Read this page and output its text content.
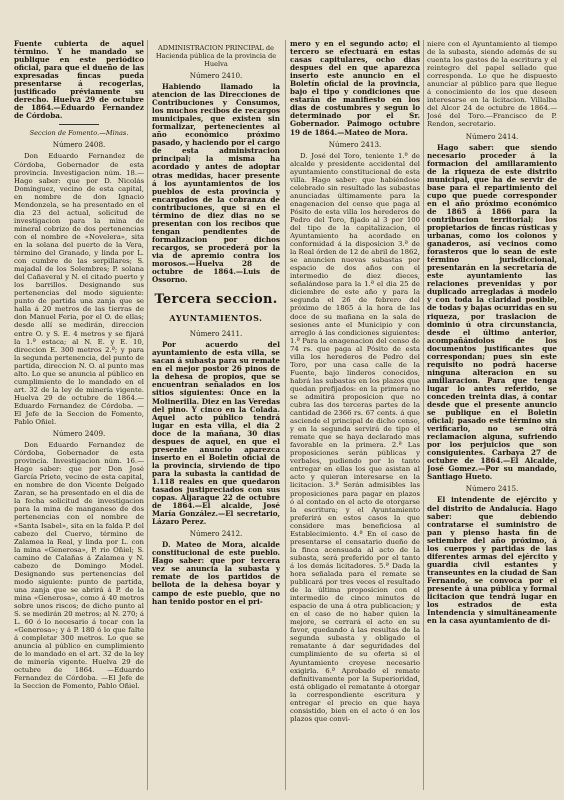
Fuente cubierta de aquel término. Y he mandado se publique en este periódico oficial, para que el dueño de las expresadas fincas pueda presentarse á recogerlas, justificado préviamente su derecho. Huelva 29 de octubre de 1864.—Eduardo Fernandez de Córdoba.

Seccion de Fomento.—Minas.

Número 2408.

Don Eduardo Fernandez de Córdoba, Gobernador de esta provincia. Investigacion núm. 18.—Hago saber: que por D. Nicolás Dominguez, vecino de esta capital, en nombre de don Ignacio Mendonzela, se ha presentado en el dia 23 del actual, solicitud de investigacion para la mina de mineral cobrizo de dos pertenencias con el nombre de «Novelera», sita en la solana del puerto de la Vera, término del Granado, y linda por L. con cumbre de las serpillares; S. majadal de los Solembres; P. solana del Cañaveral y N. el citado puerto y los barrillos. Designando sus pertenencias del modo siguiente: punto de partida una zanja que se halla á 20 metros de las tierras de don Manuel Feria, por el O. de ellas; desde allí se medirán, direccion entre O. y S. E. 4 metros y se fijará la 1.ª estaca; al N. E. y E. 10, direccion E. 300 metros 2.ª; y para la segunda pertenencia, del punto de partida, direccion N. O. al punto mas alto. Lo que se anuncia al público en cumplimiento de lo mandado en el art. 32 de la ley de minería vigente. Huelva 29 de octubre de 1864.—Eduardo Fernandez de Córdoba. —El Jefe de la Seccion de Fomento, Pablo Oñiel.

Número 2409.

Don Eduardo Fernandez de Córdoba, Gobernador de esta provincia. Investigacion núm. 16.—Hago saber: que por Don José García Prieto, vecino de esta capital, en nombre de don Vicente Delgado Zaran, se ha presentado en el dia de la fecha solicitud de investigacion para la mina de manganeso de dos pertenencias con el nombre de «Santa Isabel», sita en la falda P. del cabezo del Cuervo, término de Zalamea la Real, y linda por L. con la mina «Generosa», P. rio Oñiel; S. camino de Calañas á Zalamea y N. cabezo de Domingo Model. Designando sus pertenencias del modo siguiente: punto de partida, una zanja que se abrirá á P. de la mina «Generosa», como á 40 metros sobre unos riscos; de dicho punto al S. se medirán 20 metros; al N. 270; á L. 60 ó lo necesario á tocar con la «Generosa»; y á P. 180 ó lo que falte á completar 300 metros. Lo que se anuncia al público en cumplimiento de lo mandado en el art. 32 de la ley de minería vigente. Huelva 29 de octubre de 1864. —Eduardo Fernandez de Córdoba. —El Jefe de la Seccion de Fomento, Pablo Oñiel.

ADMINISTRACION PRINCIPAL de Hacienda pública de la provincia de Huelva

Número 2410.

Habiendo llamado la atencion de las Direcciones de Contribuciones y Consumos, los muchos recibos de recargos municipales, que existen sin formalizar, pertenecientes al año económico próximo pasado, y haciendo por el cargo de esta administracion principal; la misma ha acordado y antes de adoptar otras medidas, hacer presente á los ayuntamientos de los pueblos de esta provincia y encargados de la cobranza de contribuciones, que si en el término de diez dias no se presentan con los recibos que tengan pendientes de formalizacion por dichos recargos, se procederá por la via de apremio contra los morosos.—Huelva 28 de octubre de 1864.—Luis de Ossorno.

Tercera seccion.

AYUNTAMIENTOS.

Número 2411.

Por acuerdo del ayuntamiento de esta villa, se sacan á subasta para su remate en el mejor postor 26 pinos de la dehesa de propios, que se encuentran señalados en los sitios siguientes: Once en la Molinerilla. Diez en las Veredas del pino. Y cinco en la Colada. Aquel acto público tendrá lugar en esta villa, el dia 2 doce de la mañana, 30 dias despues de aquel, en que el presente anuncio aparezca inserto en el Boletin oficial de la provincia, sirviendo de tipo para la subasta la cantidad de 1.118 reales en que quedaron tasados justipreciados con sus copas. Aljaraque 22 de octubre de 1864.—El alcalde, José María González.—El secretario, Lázaro Perez.

Número 2412.

D. Mateo de Mora, alcalde constitucional de este pueblo. Hago saber: que por tercera vez se anuncia la subasta y remate de los partidos de bellota de la dehesa boyar y campo de este pueblo, que no han tenido postor en el pri-

mero y en el segundo acto; el tercero se efectuará en estas casas capitulares, ocho dias despues del en que aparezca inserto este anuncio en el Boletín oficial de la provincia, bajo el tipo y condiciones que estarán de manifiesto en los dias de costumbres y segun lo determinado por el Sr. Gobernador. Paimogo octubre 19 de 1864.—Mateo de Mora.

Número 2413.

D. José del Toro, teniente 1.º de alcalde y presidente accidental del ayuntamiento constitucional de esta villa. Hago saber: que habiéndose celebrado sin resultado las subastas anunciadas últimamente para la enagenacion del censo que paga al Pósito de esta villa los herederos de Pedro del Toro, fijado al 3 por 100 del tipo de la capitalizacion, el Ayuntamiento ha acordado en conformidad á la disposicion 3.ª de la Real órden de 12 de abril de 1862, se anuncien nuevas subastas por espacio de dos años con el intermedio de diez dieces, señalándose para la 1.ª el dia 25 de diciembre de este año y para la segunda el 26 de febrero del próximo de 1865 á la hora de las doce de su mañana en la sala de sesiones ante el Municipio y con arreglo á las condiciones siguientes: 1.ª Para la enagenacion del censo de 74 rs. que paga al Pósito de esta villa los herederos de Pedro del Toro, por una casa calle de la Fuente, bajo linderos conocidos, habrá las subastas en los plazos que quedan prefijados: en la primera no se admitirá proposicion que no cubra las dos terceras partes de la cantidad de 2366 rs. 67 cents. á que asciende el principal de dicho censo, y en la segunda servirá de tipo el remate que se haya declarado mas favorable en la primera. 2.ª Las proposiciones serán públicas y verbales, pudiendo por lo tanto entregar en ellas los que asistan al acto y quieran interesarse en la licitacion. 3.ª Serán admisibles las proposiciones para pagar en plazos ó al contado en el acto de otorgarse la escritura; y el Ayuntamiento preferirá en estos casos la que considere mas beneficiosa al Establecimiento. 4.ª En el caso de presentarse el censatario dueño de la finca acensuada al acto de la subasta, será preferido por el tanto á los demás licitadores. 5.ª Dada la hora señalada para el remate se publicará por tres veces el resultado de la última proposicion con el intermedio de cinco minutos de espacio de una á otra publicacion; y en el caso de no haber quien la mejore, se cerrará el acto en su favor, quedando á las resultas de la segunda subasta y obligado el rematante á dar seguridades del cumplimiento de su oferta si el Ayuntamiento creyese necesario exigirla. 6.ª Aprobado el remate definitivamente por la Superioridad, está obligado el rematante á otorgar la correspondiente escritura y entregar el precio en que haya consistido, bien en el acto ó en los plazos que convi-

niere con el Ayuntamiento al tiempo de la subasta, siendo además de su cuenta los gastos de la escritura y el reintegro del papel sellado que corresponda. Lo que he dispuesto anunciar al público para que llegue á conocimiento de los que deseen interesarse en la licitacion. Villalba del Alcor 24 de octubre de 1864.—José del Toro.—Francisco de P. Rendon, secretario.

Número 2414.

Hago saber: que siendo necesario proceder á la formacion del amillaramiento de la riqueza de este distrito municipal, que ha de servir de base para el repartimiento del cupo que puede corresponder en el año próximo económico de 1865 á 1866 para la contribucion territorial; los propietarios de fincas rústicas y urbanas, como los colonos y ganaderos, así vecinos como forasteros que lo sean de este término jurisdiccional, presentarán en la secretaría de este ayuntamiento las relaciones prevenidas y por duplicado arregladas á modelo y con toda la claridad posible, de todas y bajas ocurridas en su riqueza, por traslacion de dominio ú otra circunstancia, desde el último anterior, acompañándolos de los documentos justificantes que correspondan; pues sin este requisito no podrá hacerse ninguna alteracion en su amillaracion. Para que tenga lugar lo antes referido, se conceden treinta dias, á contar desde que el presente anuncio se publique en el Boletin oficial; pasado este término sin verificarlo, no se oirá reclamacion alguna, sufriendo por los perjuicios que son consiguientes. Carbaya 27 de octubre de 1864.—El Alcalde, José Gomez.—Por su mandado, Santiago Hueto.

Número 2415.

El intendente de ejército y del distrito de Andalucía. Hago saber: que debiendo contratarse el suministro de pan y pienso hasta fin de setiembre del año próximo, á los cuerpos y partidas de las diferentes armas del ejército y guardia civil estantes y transeuntes en la ciudad de San Fernando, se convoca por el presente á una pública y formal licitacion que tendrá lugar en los estrados de esta Intendencia y simultáneamente en la casa ayuntamiento de di-
